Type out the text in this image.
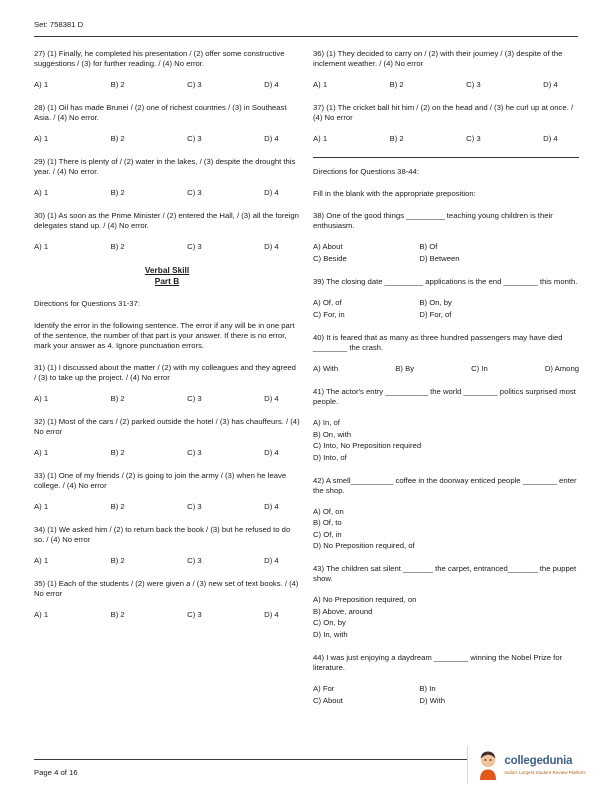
Set: 758381 D

27) (1) Finally, he completed his presentation / (2) offer some constructive suggestions / (3) for further reading. / (4) No error.

A) 1	B) 2	C) 3	D) 4

28) (1) Oil has made Brunei / (2) one of richest countries / (3) in Southeast Asia. / (4) No error.

A) 1	B) 2	C) 3	D) 4

29) (1) There is plenty of / (2) water in the lakes, / (3) despite the drought this year. / (4) No error.

A) 1	B) 2	C) 3	D) 4

30) (1) As soon as the Prime Minister / (2) entered the Hall, / (3) all the foreign delegates stand up. / (4) No error.

A) 1	B) 2	C) 3	D) 4
Verbal Skill
Part B

Directions for Questions 31-37:

Identify the error in the following sentence. The error if any will be in one part of the sentence, the number of that part is your answer. If there is no error, mark your answer as 4. Ignore punctuation errors.

31) (1) I discussed about the matter / (2) with my colleagues and they agreed / (3) to take up the project. / (4) No error

A) 1	B) 2	C) 3	D) 4

32) (1) Most of the cars / (2) parked outside the hotel / (3) has chauffeurs. / (4) No error

A) 1	B) 2	C) 3	D) 4

33) (1) One of my friends / (2) is going to join the army / (3) when he leave college. / (4) No error

A) 1	B) 2	C) 3	D) 4

34) (1) We asked him / (2) to return back the book / (3) but he refused to do so. / (4) No error

A) 1	B) 2	C) 3	D) 4

35) (1) Each of the students / (2) were given a / (3) new set of text books. / (4) No error

A) 1	B) 2	C) 3	D) 4

36) (1) They decided to carry on / (2) with their journey / (3) despite of the inclement weather. / (4) No error

A) 1	B) 2	C) 3	D) 4

37) (1) The cricket ball hit him / (2) on the head and / (3) he curl up at once. / (4) No error

A) 1	B) 2	C) 3	D) 4

Directions for Questions 38-44:

Fill in the blank with the appropriate preposition:

38) One of the good things _________ teaching young children is their enthusiasm.

A) About	B) Of
C) Beside	D) Between

39) The closing date _________ applications is the end ________ this month.

A) Of, of	B) On, by
C) For, in	D) For, of

40) It is feared that as many as three hundred passengers may have died ________ the crash.

A) With	B) By	C) In	D) Among

41) The actor's entry __________ the world ________ politics surprised most people.

A) In, of
B) On, with
C) Into, No Preposition required
D) Into, of

42) A smell__________ coffee in the doorway enticed people ________ enter the shop.

A) Of, on
B) Of, to
C) Of, in
D) No Preposition required, of

43) The children sat silent _______ the carpet, entranced_______ the puppet show.

A) No Preposition required, on
B) Above, around
C) On, by
D) In, with

44) I was just enjoying a daydream ________ winning the Nobel Prize for literature.

A) For	B) In
C) About	D) With
Page 4 of 16
collegedunia
India's Largest Student Review Platform
